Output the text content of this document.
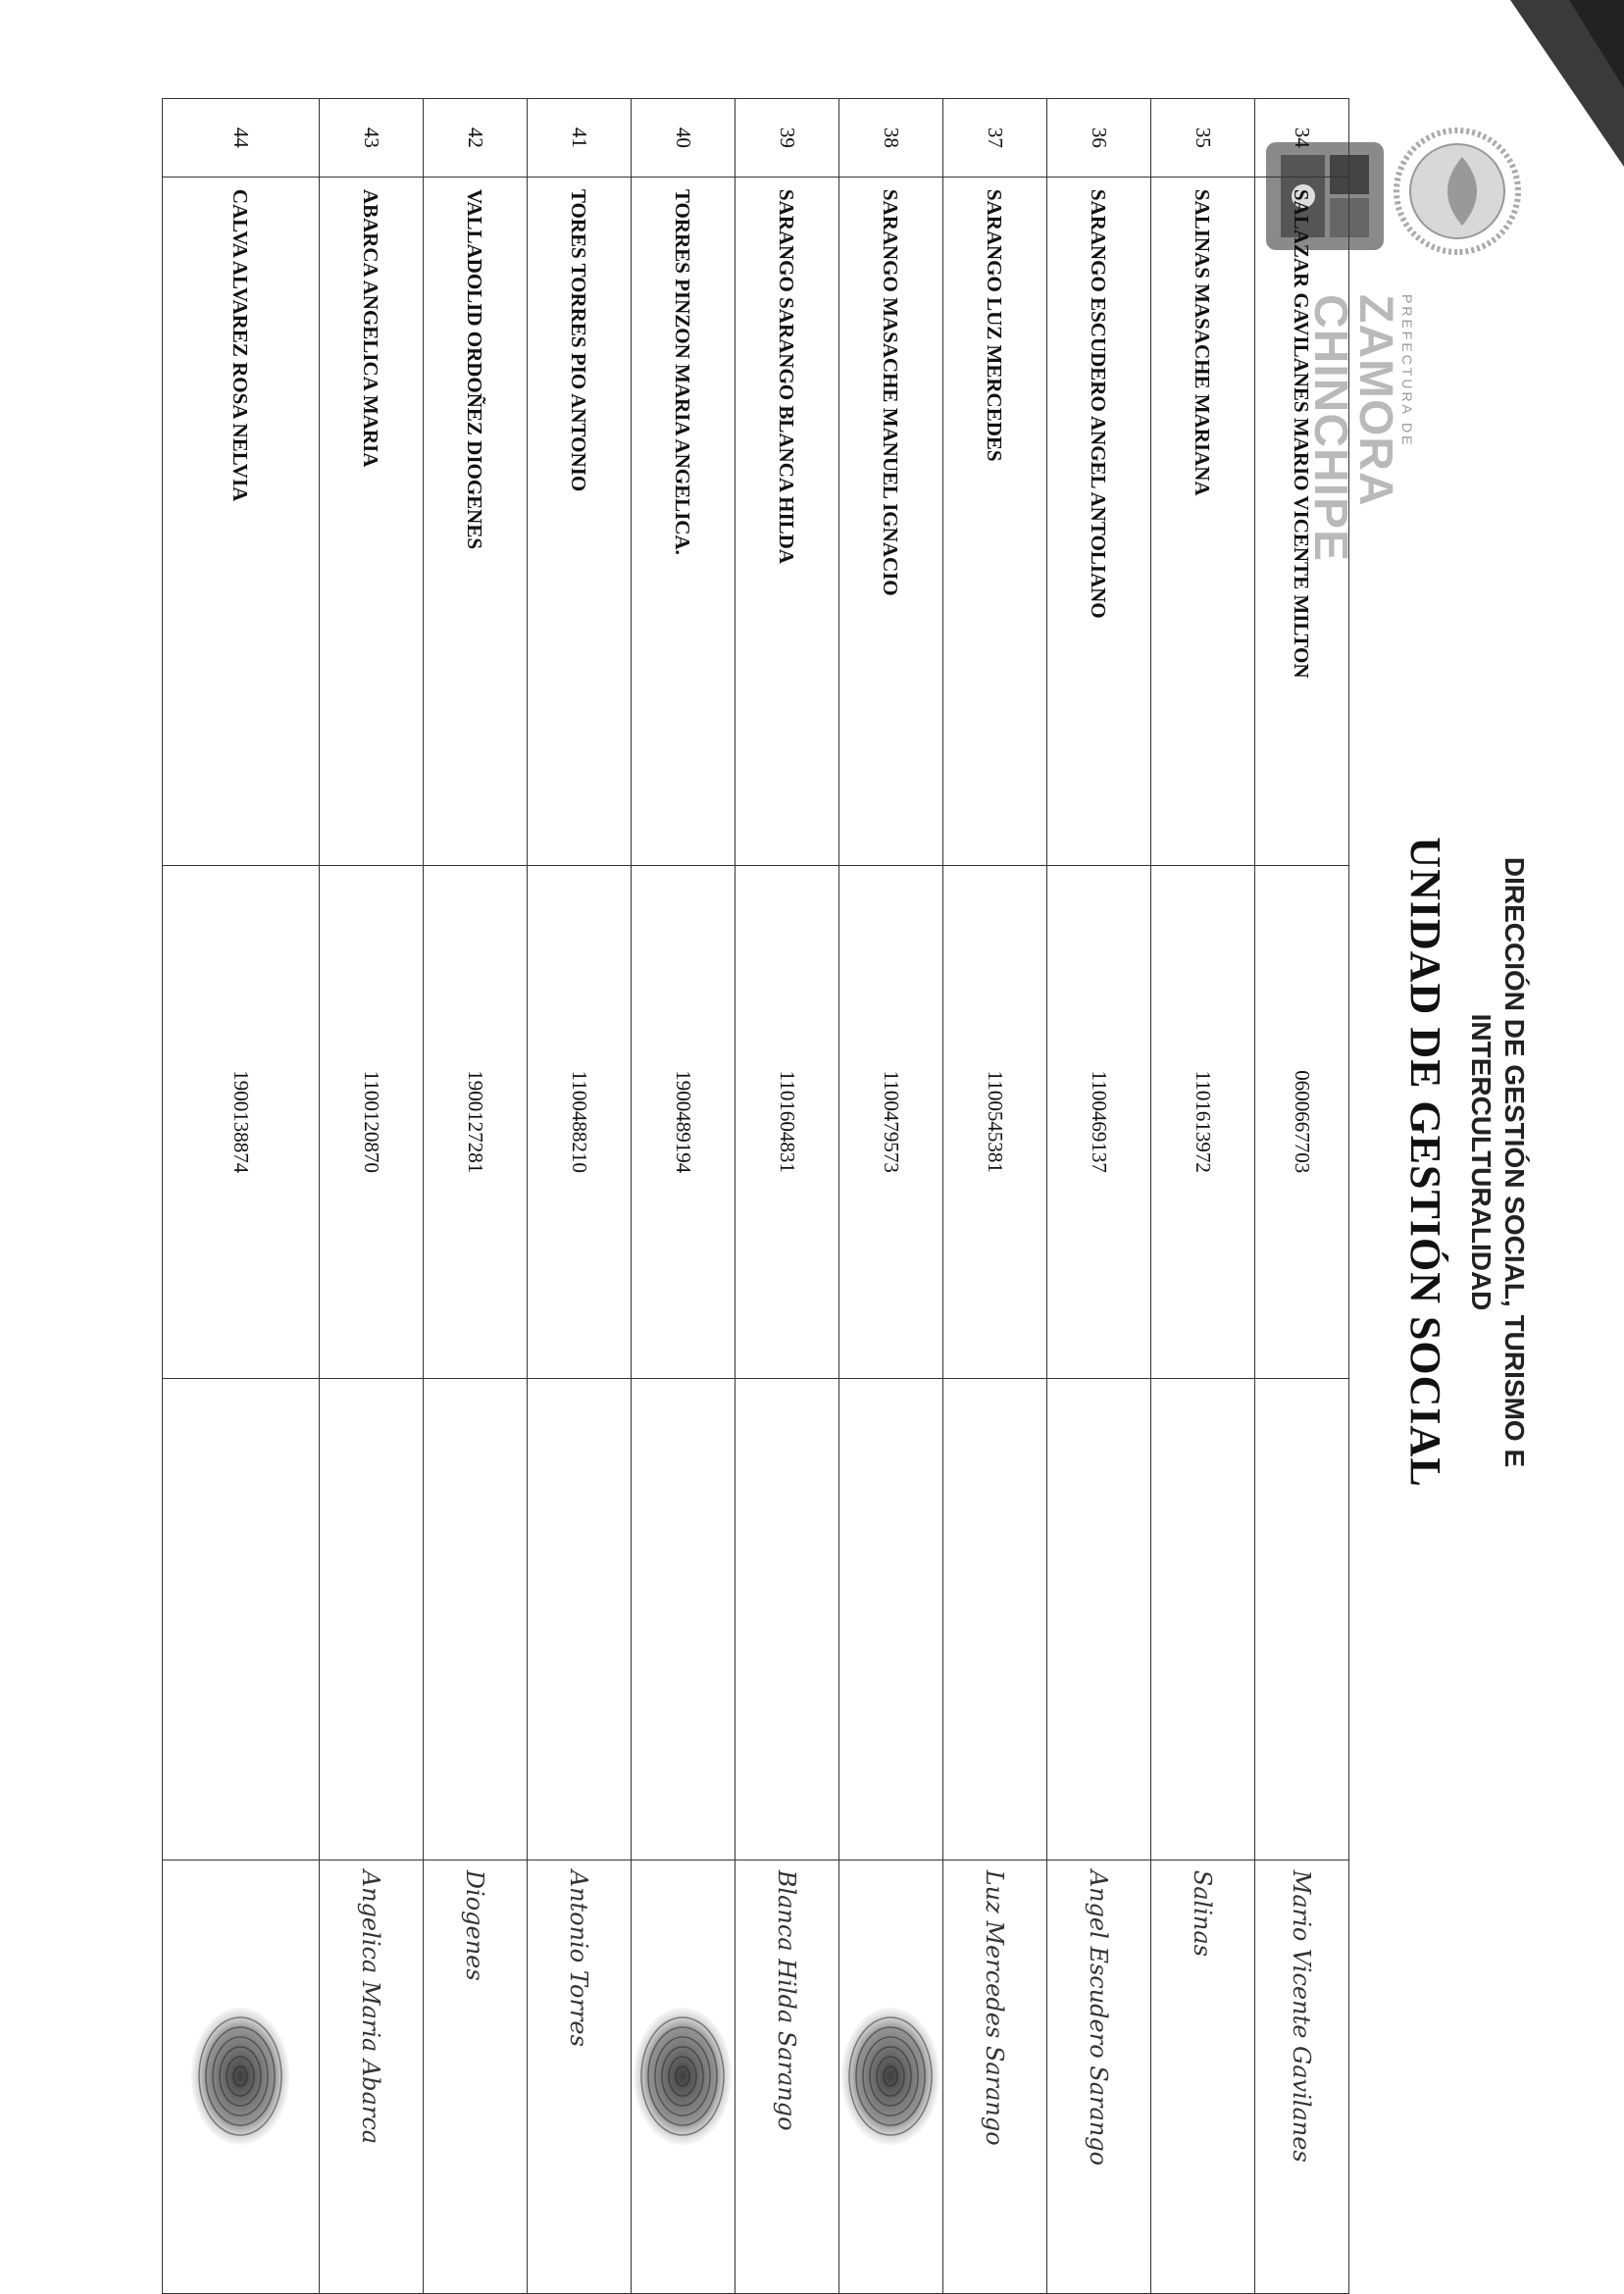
PREFECTURA DE
ZAMORA
CHINCHIPE
DIRECCIÓN DE GESTIÓN SOCIAL, TURISMO E
INTERCULTURALIDAD
UNIDAD DE GESTIÓN SOCIAL
34	SALAZAR GAVILANES MARIO VICENTE MILTON	0600667703		Mario Vicente Gavilanes

35	SALINAS MASACHE MARIANA	1101613972		Salinas

36	SARANGO ESCUDERO ANGEL ANTOLIANO	1100469137		Angel Escudero Sarango

37	SARANGO LUZ MERCEDES	1100545381		Luz Mercedes Sarango

38	SARANGO MASACHE MANUEL IGNACIO	1100479573		

39	SARANGO SARANGO BLANCA HILDA	1101604831		Blanca Hilda Sarango

40	TORRES PINZON MARIA ANGELICA.	1900489194		

41	TORES TORRES PIO ANTONIO	1100488210		Antonio Torres

42	VALLADOLID ORDOÑEZ DIOGENES	1900127281		Diogenes

43	ABARCA ANGELICA MARIA	1100120870		Angelica Maria Abarca

44	CALVA ALVAREZ ROSA NELVIA	1900138874		
